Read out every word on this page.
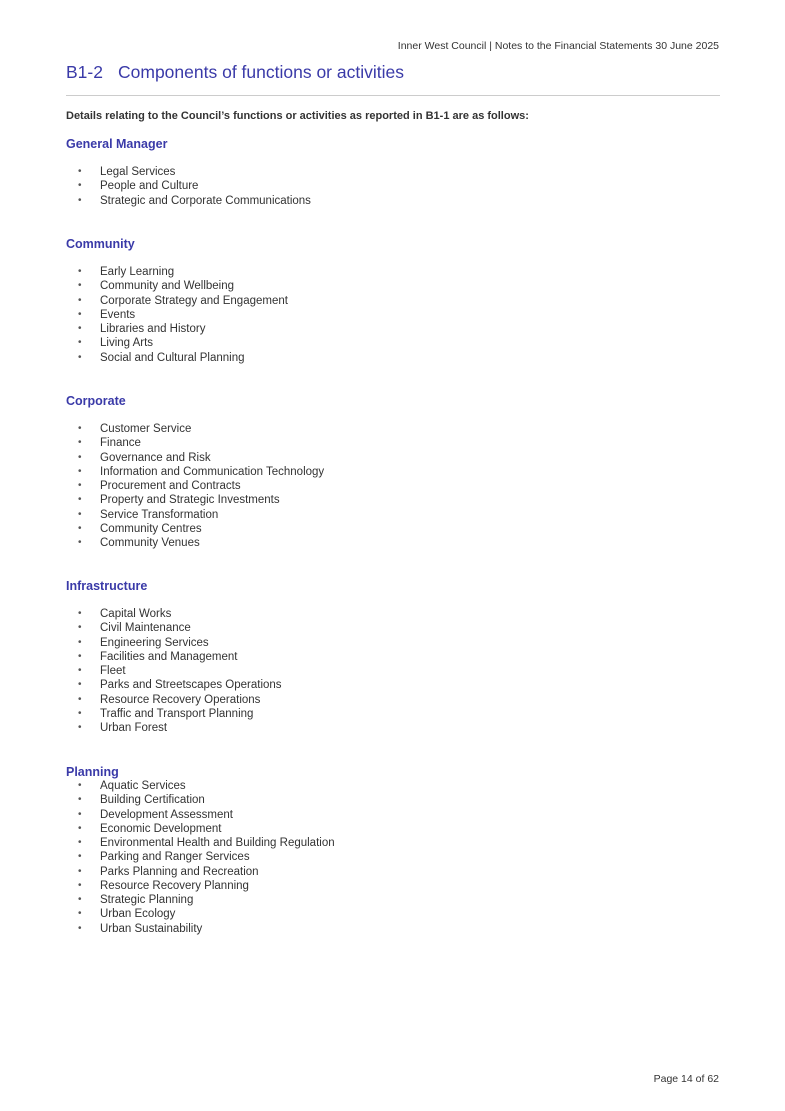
Inner West Council | Notes to the Financial Statements 30 June 2025
B1-2 Components of functions or activities
Details relating to the Council’s functions or activities as reported in B1-1 are as follows:
General Manager
•	Legal Services
•	People and Culture
•	Strategic and Corporate Communications
Community
•	Early Learning
•	Community and Wellbeing
•	Corporate Strategy and Engagement
•	Events
•	Libraries and History
•	Living Arts
•	Social and Cultural Planning
Corporate
•	Customer Service
•	Finance
•	Governance and Risk
•	Information and Communication Technology
•	Procurement and Contracts
•	Property and Strategic Investments
•	Service Transformation
•	Community Centres
•	Community Venues
Infrastructure
•	Capital Works
•	Civil Maintenance
•	Engineering Services
•	Facilities and Management
•	Fleet
•	Parks and Streetscapes Operations
•	Resource Recovery Operations
•	Traffic and Transport Planning
•	Urban Forest
Planning
•	Aquatic Services
•	Building Certification
•	Development Assessment
•	Economic Development
•	Environmental Health and Building Regulation
•	Parking and Ranger Services
•	Parks Planning and Recreation
•	Resource Recovery Planning
•	Strategic Planning
•	Urban Ecology
•	Urban Sustainability
Page 14 of 62
